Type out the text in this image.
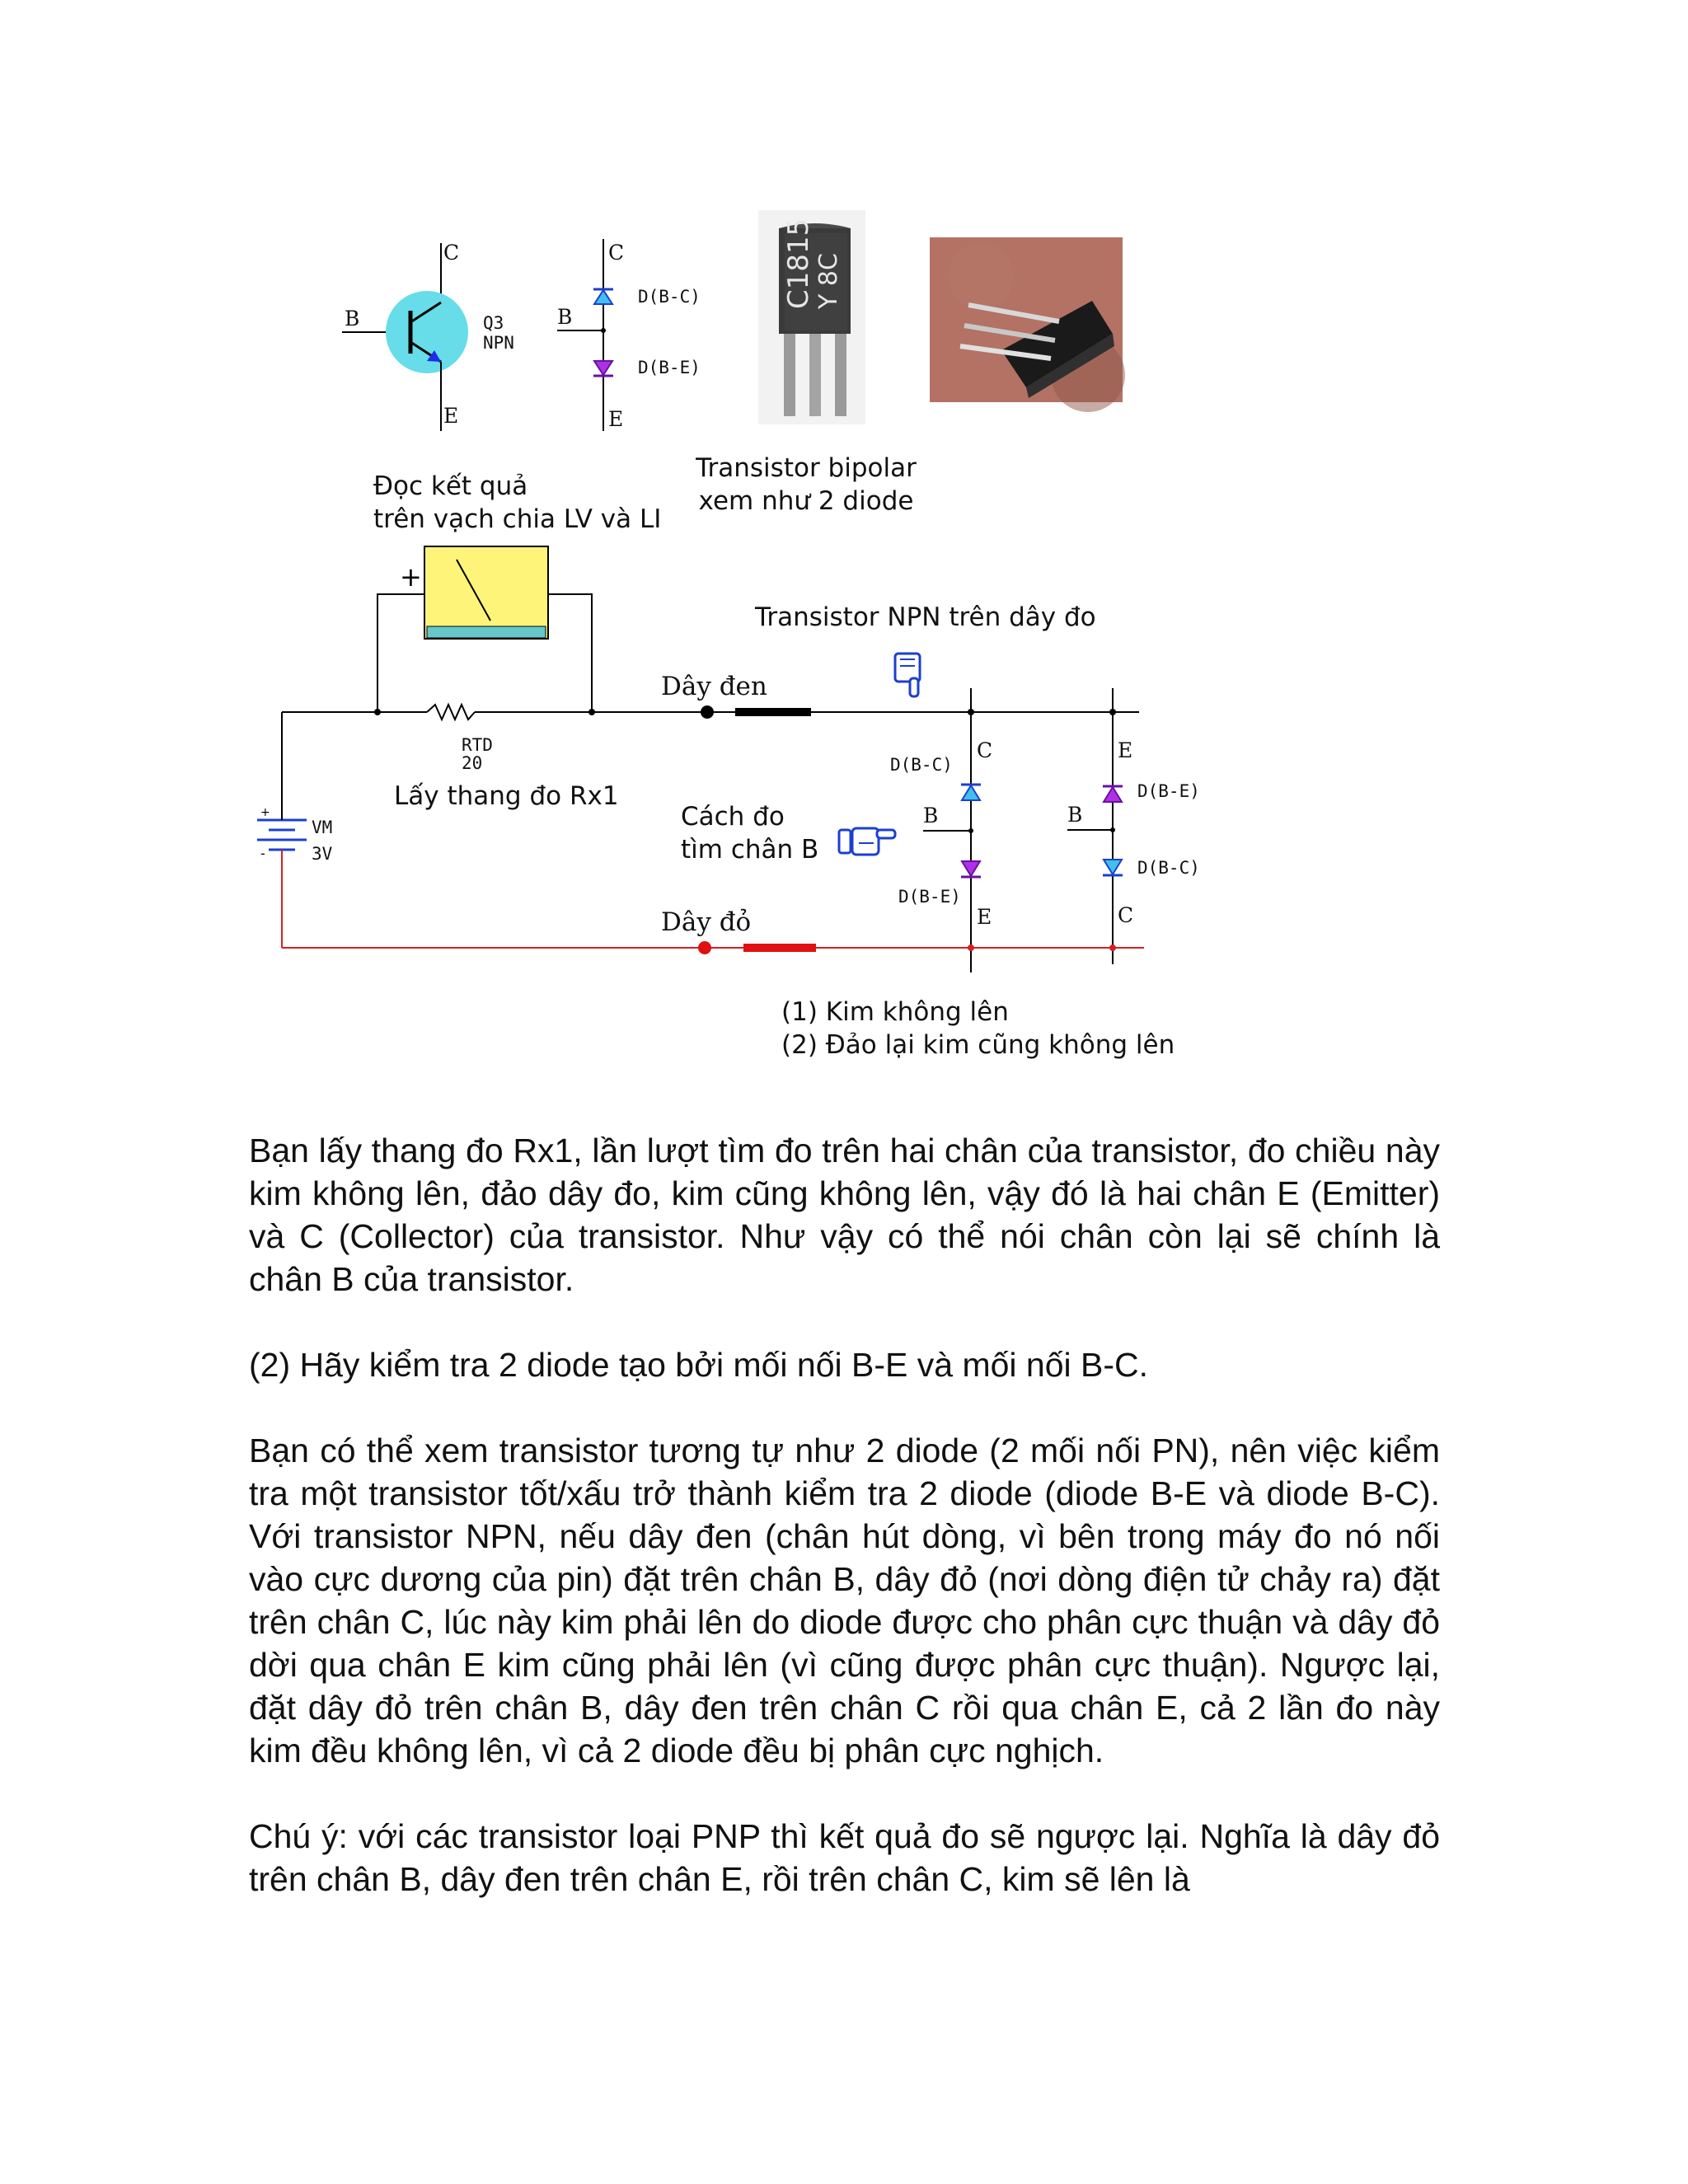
C
B
E
Q3
NPN
C
B
E
D(B-C)
D(B-E)
C1815 Y 8C
Transistor bipolar
xem như 2 diode
Đọc kết quả
trên vạch chia LV và LI
+
RTD
20
Lấy thang đo Rx1
+
-
VM
3V
Dây đen
Dây đỏ
Transistor NPN trên dây đo
Cách đo
tìm chân B
C
B
E
D(B-C)
D(B-E)
E
B
C
D(B-E)
D(B-C)
(1) Kim không lên
(2) Đảo lại kim cũng không lên

Bạn lấy thang đo Rx1, lần lượt tìm đo trên hai chân của transistor, đo chiều này kim không lên, đảo dây đo, kim cũng không lên, vậy đó là hai chân E (Emitter) và C (Collector) của transistor. Như vậy có thể nói chân còn lại sẽ chính là chân B của transistor.

(2) Hãy kiểm tra 2 diode tạo bởi mối nối B-E và mối nối B-C.

Bạn có thể xem transistor tương tự như 2 diode (2 mối nối PN), nên việc kiểm tra một transistor tốt/xấu trở thành kiểm tra 2 diode (diode B-E và diode B-C). Với transistor NPN, nếu dây đen (chân hút dòng, vì bên trong máy đo nó nối vào cực dương của pin) đặt trên chân B, dây đỏ (nơi dòng điện tử chảy ra) đặt trên chân C, lúc này kim phải lên do diode được cho phân cực thuận và dây đỏ dời qua chân E kim cũng phải lên (vì cũng được phân cực thuận). Ngược lại, đặt dây đỏ trên chân B, dây đen trên chân C rồi qua chân E, cả 2 lần đo này kim đều không lên, vì cả 2 diode đều bị phân cực nghịch.

Chú ý: với các transistor loại PNP thì kết quả đo sẽ ngược lại. Nghĩa là dây đỏ trên chân B, dây đen trên chân E, rồi trên chân C, kim sẽ lên là
